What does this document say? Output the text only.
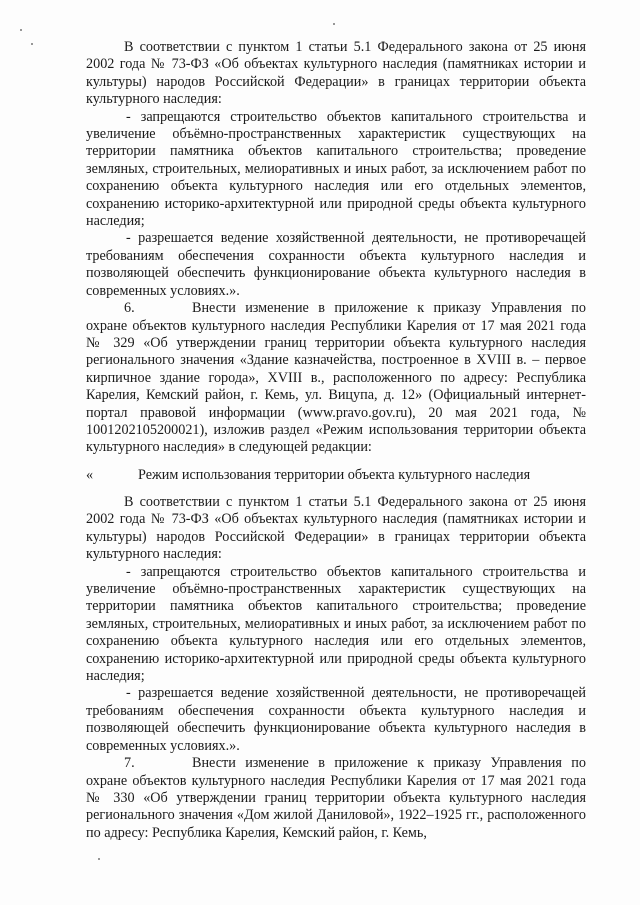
В соответствии с пунктом 1 статьи 5.1 Федерального закона от 25 июня 2002 года № 73-ФЗ «Об объектах культурного наследия (памятниках истории и культуры) народов Российской Федерации» в границах территории объекта культурного наследия:

- запрещаются строительство объектов капитального строительства и увеличение объёмно-пространственных характеристик существующих на территории памятника объектов капитального строительства; проведение земляных, строительных, мелиоративных и иных работ, за исключением работ по сохранению объекта культурного наследия или его отдельных элементов, сохранению историко-архитектурной или природной среды объекта культурного наследия;

- разрешается ведение хозяйственной деятельности, не противоречащей требованиям обеспечения сохранности объекта культурного наследия и позволяющей обеспечить функционирование объекта культурного наследия в современных условиях.».

6.	Внести изменение в приложение к приказу Управления по охране объектов культурного наследия Республики Карелия от 17 мая 2021 года № 329 «Об утверждении границ территории объекта культурного наследия регионального значения «Здание казначейства, построенное в XVIII в. – первое кирпичное здание города», XVIII в., расположенного по адресу: Республика Карелия, Кемский район, г. Кемь, ул. Вицупа, д. 12» (Официальный интернет-портал правовой информации (www.pravo.gov.ru), 20 мая 2021 года, № 1001202105200021), изложив раздел «Режим использования территории объекта культурного наследия» в следующей редакции:

«	Режим использования территории объекта культурного наследия

В соответствии с пунктом 1 статьи 5.1 Федерального закона от 25 июня 2002 года № 73-ФЗ «Об объектах культурного наследия (памятниках истории и культуры) народов Российской Федерации» в границах территории объекта культурного наследия:

- запрещаются строительство объектов капитального строительства и увеличение объёмно-пространственных характеристик существующих на территории памятника объектов капитального строительства; проведение земляных, строительных, мелиоративных и иных работ, за исключением работ по сохранению объекта культурного наследия или его отдельных элементов, сохранению историко-архитектурной или природной среды объекта культурного наследия;

- разрешается ведение хозяйственной деятельности, не противоречащей требованиям обеспечения сохранности объекта культурного наследия и позволяющей обеспечить функционирование объекта культурного наследия в современных условиях.».

7.	Внести изменение в приложение к приказу Управления по охране объектов культурного наследия Республики Карелия от 17 мая 2021 года № 330 «Об утверждении границ территории объекта культурного наследия регионального значения «Дом жилой Даниловой», 1922–1925 гг., расположенного по адресу: Республика Карелия, Кемский район, г. Кемь,
